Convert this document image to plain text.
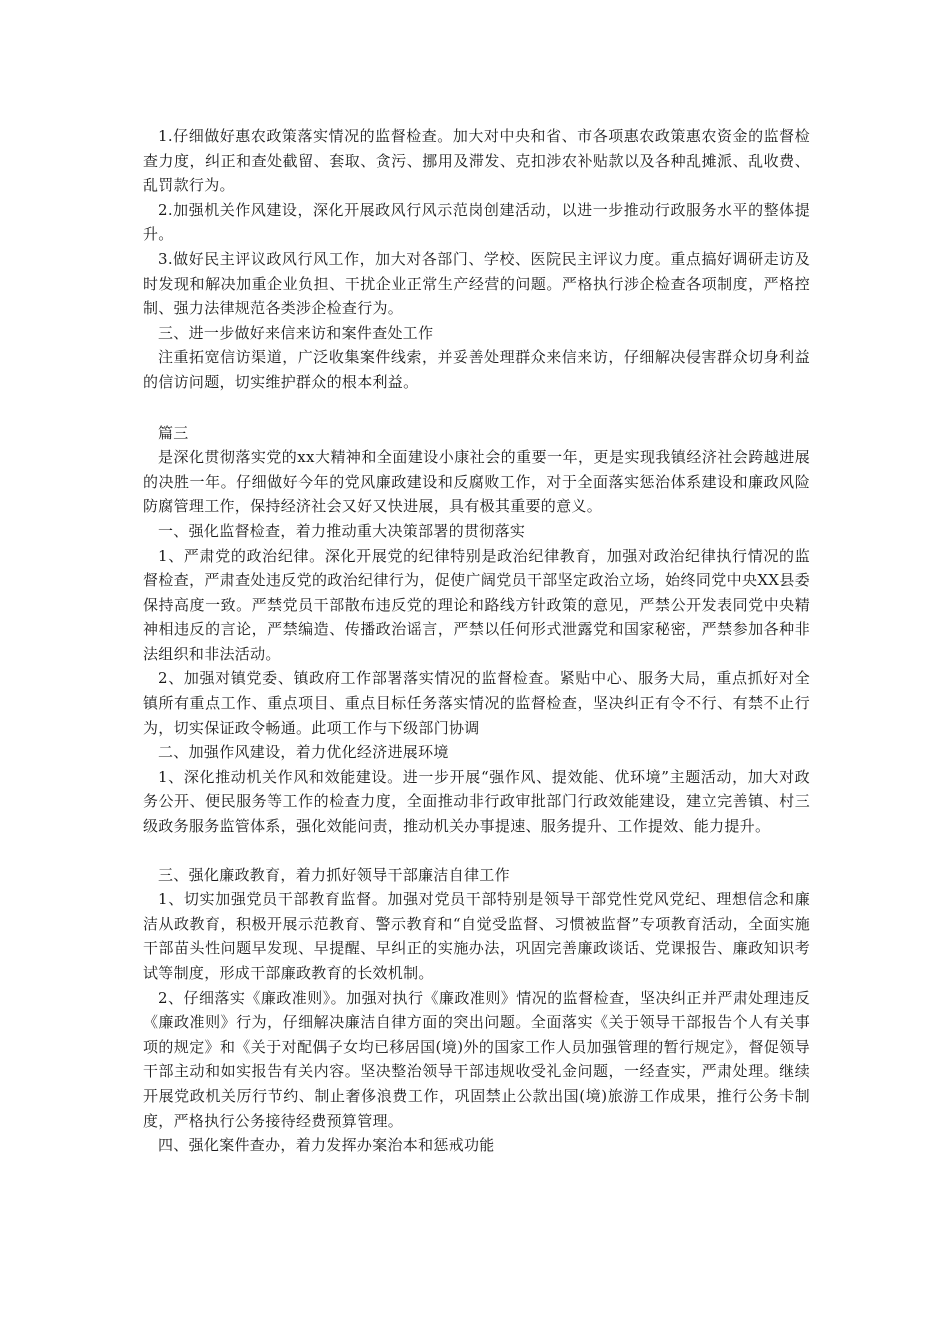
1.仔细做好惠农政策落实情况的监督检查。加大对中央和省、市各项惠农政策惠农资金的监督检查力度，纠正和查处截留、套取、贪污、挪用及滞发、克扣涉农补贴款以及各种乱摊派、乱收费、乱罚款行为。

2.加强机关作风建设，深化开展政风行风示范岗创建活动，以进一步推动行政服务水平的整体提升。

3.做好民主评议政风行风工作，加大对各部门、学校、医院民主评议力度。重点搞好调研走访及时发现和解决加重企业负担、干扰企业正常生产经营的问题。严格执行涉企检查各项制度，严格控制、强力法律规范各类涉企检查行为。

三、进一步做好来信来访和案件查处工作

注重拓宽信访渠道，广泛收集案件线索，并妥善处理群众来信来访，仔细解决侵害群众切身利益的信访问题，切实维护群众的根本利益。

篇三

是深化贯彻落实党的xx大精神和全面建设小康社会的重要一年，更是实现我镇经济社会跨越进展的决胜一年。仔细做好今年的党风廉政建设和反腐败工作，对于全面落实惩治体系建设和廉政风险防腐管理工作，保持经济社会又好又快进展，具有极其重要的意义。

一、强化监督检查，着力推动重大决策部署的贯彻落实

1、严肃党的政治纪律。深化开展党的纪律特别是政治纪律教育，加强对政治纪律执行情况的监督检查，严肃查处违反党的政治纪律行为，促使广阔党员干部坚定政治立场，始终同党中央XX县委保持高度一致。严禁党员干部散布违反党的理论和路线方针政策的意见，严禁公开发表同党中央精神相违反的言论，严禁编造、传播政治谣言，严禁以任何形式泄露党和国家秘密，严禁参加各种非法组织和非法活动。

2、加强对镇党委、镇政府工作部署落实情况的监督检查。紧贴中心、服务大局，重点抓好对全镇所有重点工作、重点项目、重点目标任务落实情况的监督检查，坚决纠正有令不行、有禁不止行为，切实保证政令畅通。此项工作与下级部门协调

二、加强作风建设，着力优化经济进展环境

1、深化推动机关作风和效能建设。进一步开展“强作风、提效能、优环境”主题活动，加大对政务公开、便民服务等工作的检查力度，全面推动非行政审批部门行政效能建设，建立完善镇、村三级政务服务监管体系，强化效能问责，推动机关办事提速、服务提升、工作提效、能力提升。

三、强化廉政教育，着力抓好领导干部廉洁自律工作

1、切实加强党员干部教育监督。加强对党员干部特别是领导干部党性党风党纪、理想信念和廉洁从政教育，积极开展示范教育、警示教育和“自觉受监督、习惯被监督”专项教育活动，全面实施干部苗头性问题早发现、早提醒、早纠正的实施办法，巩固完善廉政谈话、党课报告、廉政知识考试等制度，形成干部廉政教育的长效机制。

2、仔细落实《廉政准则》。加强对执行《廉政准则》情况的监督检查，坚决纠正并严肃处理违反《廉政准则》行为，仔细解决廉洁自律方面的突出问题。全面落实《关于领导干部报告个人有关事项的规定》和《关于对配偶子女均已移居国(境)外的国家工作人员加强管理的暂行规定》，督促领导干部主动和如实报告有关内容。坚决整治领导干部违规收受礼金问题，一经查实，严肃处理。继续开展党政机关厉行节约、制止奢侈浪费工作，巩固禁止公款出国(境)旅游工作成果，推行公务卡制度，严格执行公务接待经费预算管理。

四、强化案件查办，着力发挥办案治本和惩戒功能
